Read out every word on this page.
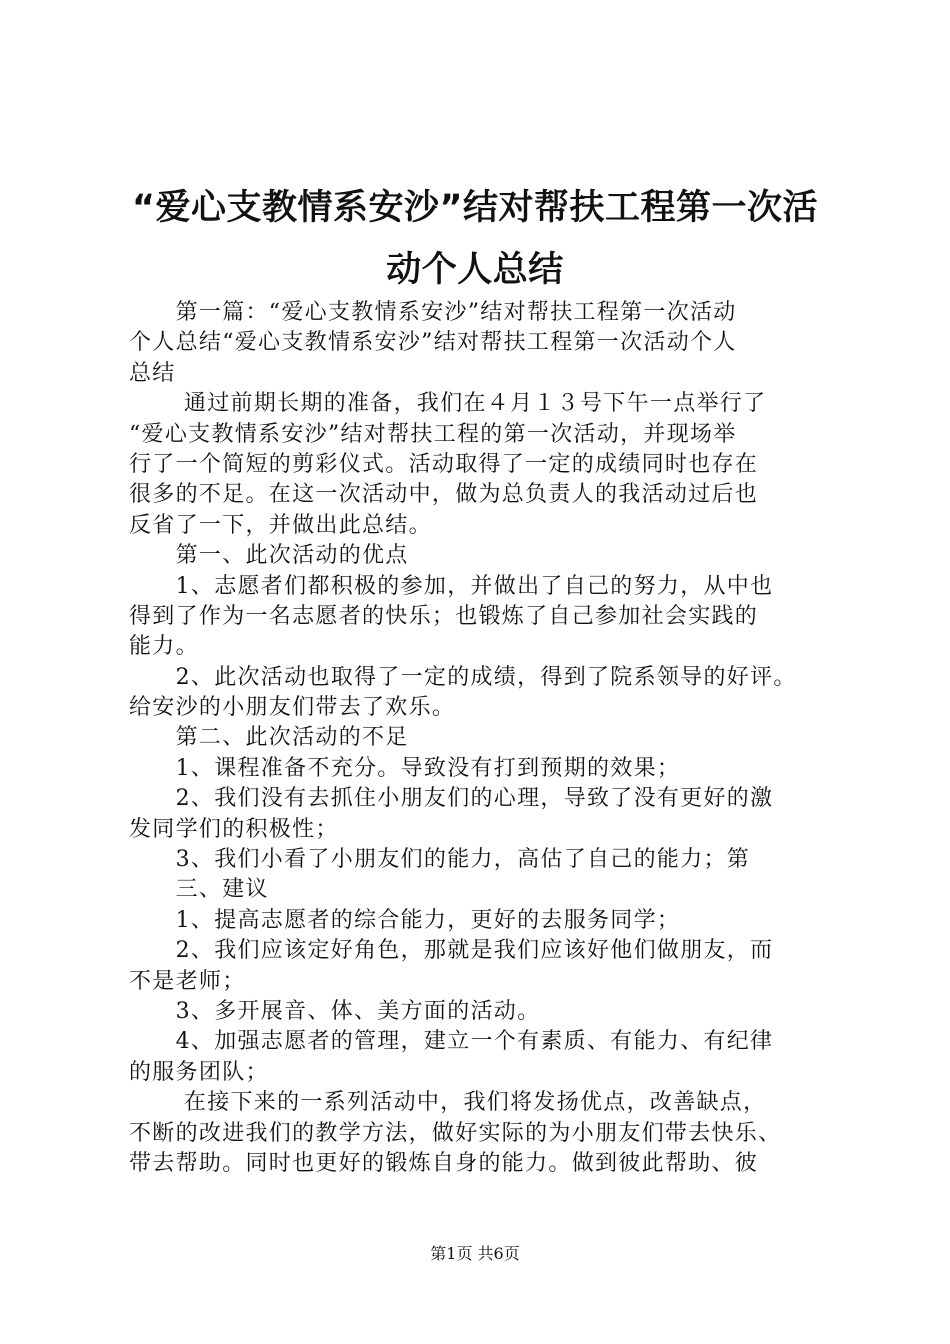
“爱心支教情系安沙”结对帮扶工程第一次活
动个人总结
　　第一篇：“爱心支教情系安沙”结对帮扶工程第一次活动
个人总结“爱心支教情系安沙”结对帮扶工程第一次活动个人
总结
　　 通过前期长期的准备，我们在４月１３号下午一点举行了
“爱心支教情系安沙”结对帮扶工程的第一次活动，并现场举
行了一个简短的剪彩仪式。活动取得了一定的成绩同时也存在
很多的不足。在这一次活动中，做为总负责人的我活动过后也
反省了一下，并做出此总结。
　　第一、此次活动的优点
　　1、志愿者们都积极的参加，并做出了自己的努力，从中也
得到了作为一名志愿者的快乐；也锻炼了自己参加社会实践的
能力。
　　2、此次活动也取得了一定的成绩，得到了院系领导的好评。
给安沙的小朋友们带去了欢乐。
　　第二、此次活动的不足
　　1、课程准备不充分。导致没有打到预期的效果；
　　2、我们没有去抓住小朋友们的心理，导致了没有更好的激
发同学们的积极性；
　　3、我们小看了小朋友们的能力，高估了自己的能力；第
　　三、建议
　　1、提高志愿者的综合能力，更好的去服务同学；
　　2、我们应该定好角色，那就是我们应该好他们做朋友，而
不是老师；
　　3、多开展音、体、美方面的活动。
　　4、加强志愿者的管理，建立一个有素质、有能力、有纪律
的服务团队；
　　 在接下来的一系列活动中，我们将发扬优点，改善缺点，
不断的改进我们的教学方法，做好实际的为小朋友们带去快乐、
带去帮助。同时也更好的锻炼自身的能力。做到彼此帮助、彼
第1页 共6页
